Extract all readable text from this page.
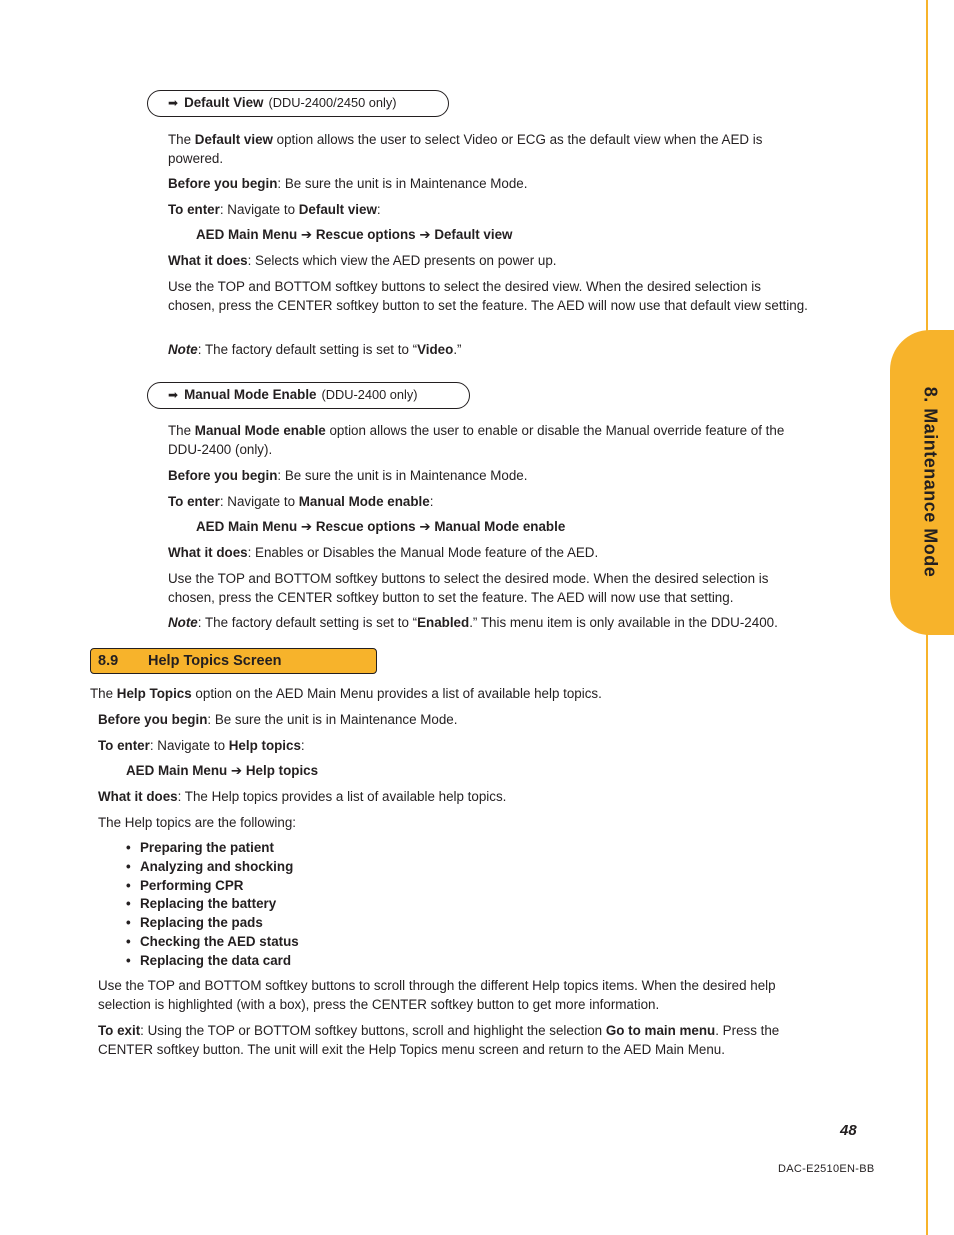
8. Maintenance Mode
➡ Default View (DDU-2400/2450 only)
The Default view option allows the user to select Video or ECG as the default view when the AED is powered.
Before you begin: Be sure the unit is in Maintenance Mode.
To enter: Navigate to Default view:
AED Main Menu ➔ Rescue options ➔ Default view
What it does: Selects which view the AED presents on power up.
Use the TOP and BOTTOM softkey buttons to select the desired view. When the desired selection is chosen, press the CENTER softkey button to set the feature. The AED will now use that default view setting.
Note: The factory default setting is set to “Video.”
➡ Manual Mode Enable (DDU-2400 only)
The Manual Mode enable option allows the user to enable or disable the Manual override feature of the DDU-2400 (only).
Before you begin: Be sure the unit is in Maintenance Mode.
To enter: Navigate to Manual Mode enable:
AED Main Menu ➔ Rescue options ➔ Manual Mode enable
What it does: Enables or Disables the Manual Mode feature of the AED.
Use the TOP and BOTTOM softkey buttons to select the desired mode. When the desired selection is chosen, press the CENTER softkey button to set the feature. The AED will now use that setting.
Note: The factory default setting is set to “Enabled.” This menu item is only available in the DDU-2400.
8.9	Help Topics Screen
The Help Topics option on the AED Main Menu provides a list of available help topics.
Before you begin: Be sure the unit is in Maintenance Mode.
To enter: Navigate to Help topics:
AED Main Menu ➔ Help topics
What it does: The Help topics provides a list of available help topics.
The Help topics are the following:
• Preparing the patient
• Analyzing and shocking
• Performing CPR
• Replacing the battery
• Replacing the pads
• Checking the AED status
• Replacing the data card
Use the TOP and BOTTOM softkey buttons to scroll through the different Help topics items. When the desired help selection is highlighted (with a box), press the CENTER softkey button to get more information.
To exit: Using the TOP or BOTTOM softkey buttons, scroll and highlight the selection Go to main menu. Press the CENTER softkey button. The unit will exit the Help Topics menu screen and return to the AED Main Menu.
48
DAC-E2510EN-BB
